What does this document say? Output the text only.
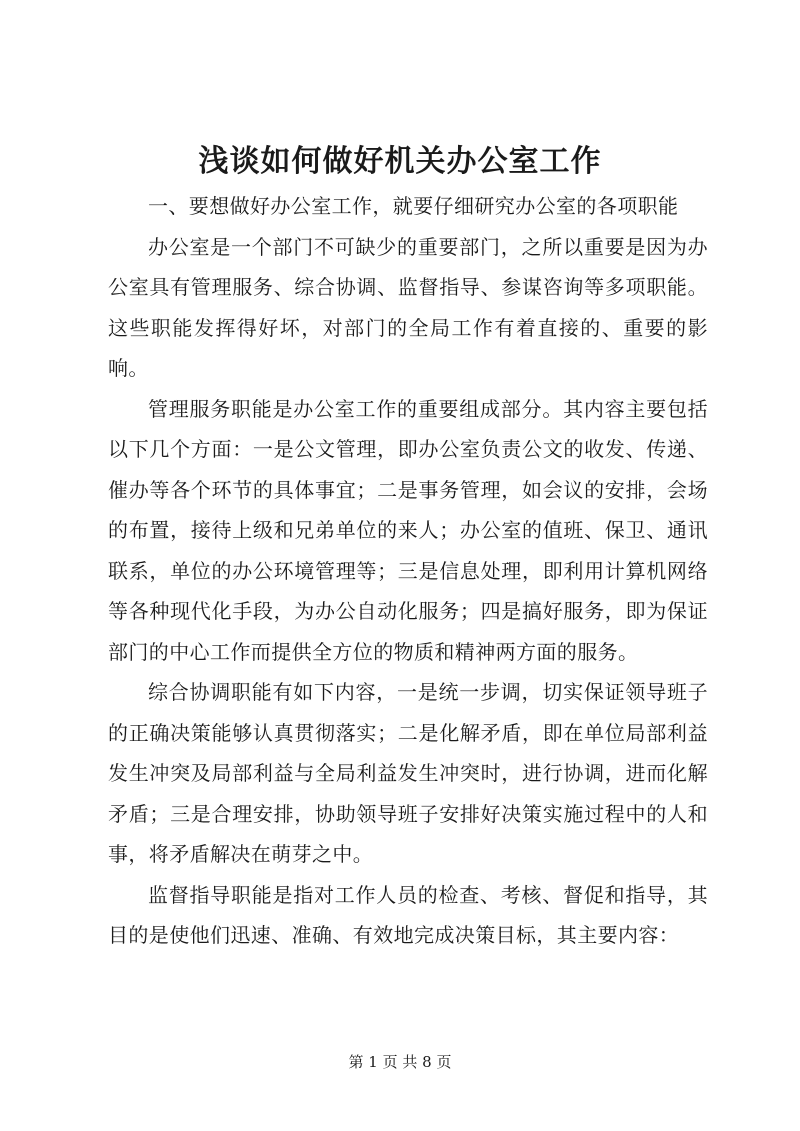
浅谈如何做好机关办公室工作

一、要想做好办公室工作，就要仔细研究办公室的各项职能

办公室是一个部门不可缺少的重要部门，之所以重要是因为办公室具有管理服务、综合协调、监督指导、参谋咨询等多项职能。这些职能发挥得好坏，对部门的全局工作有着直接的、重要的影响。

管理服务职能是办公室工作的重要组成部分。其内容主要包括以下几个方面：一是公文管理，即办公室负责公文的收发、传递、催办等各个环节的具体事宜；二是事务管理，如会议的安排，会场的布置，接待上级和兄弟单位的来人；办公室的值班、保卫、通讯联系，单位的办公环境管理等；三是信息处理，即利用计算机网络等各种现代化手段，为办公自动化服务；四是搞好服务，即为保证部门的中心工作而提供全方位的物质和精神两方面的服务。

综合协调职能有如下内容，一是统一步调，切实保证领导班子的正确决策能够认真贯彻落实；二是化解矛盾，即在单位局部利益发生冲突及局部利益与全局利益发生冲突时，进行协调，进而化解矛盾；三是合理安排，协助领导班子安排好决策实施过程中的人和事，将矛盾解决在萌芽之中。

监督指导职能是指对工作人员的检查、考核、督促和指导，其目的是使他们迅速、准确、有效地完成决策目标，其主要内容：

第 1 页 共 8 页
